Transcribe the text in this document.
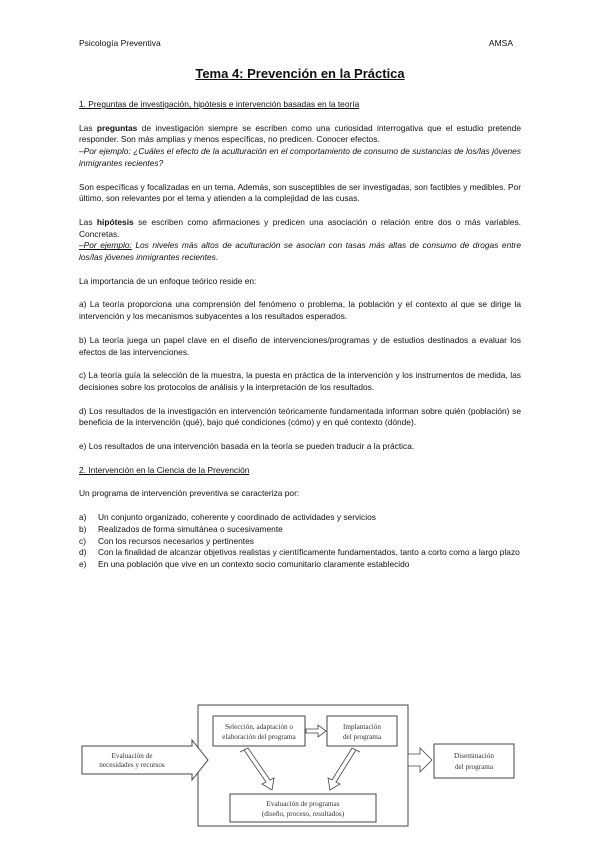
Psicología Preventiva	AMSA
Tema 4: Prevención en la Práctica

1. Preguntas de investigación, hipótesis e intervención basadas en la teoría

Las preguntas de investigación siempre se escriben como una curiosidad interrogativa que el estudio pretende responder. Son más amplias y menos específicas, no predicen. Conocer efectos.
–Por ejemplo: ¿Cuáles el efecto de la aculturación en el comportamiento de consumo de sustancias de los/las jóvenes inmigrantes recientes?

Son específicas y focalizadas en un tema. Además, son susceptibles de ser investigadas, son factibles y medibles. Por último, son relevantes por el tema y atienden a la complejidad de las cusas.

Las hipótesis se escriben como afirmaciones y predicen una asociación o relación entre dos o más variables. Concretas.
–Por ejemplo: Los niveles más altos de aculturación se asocian con tasas más altas de consumo de drogas entre los/las jóvenes inmigrantes recientes.

La importancia de un enfoque teórico reside en:

a) La teoría proporciona una comprensión del fenómeno o problema, la población y el contexto al que se dirige la intervención y los mecanismos subyacentes a los resultados esperados.

b) La teoría juega un papel clave en el diseño de intervenciones/programas y de estudios destinados a evaluar los efectos de las intervenciones.

c) La teoría guía la selección de la muestra, la puesta en práctica de la intervención y los instrumentos de medida, las decisiones sobre los protocolos de análisis y la interpretación de los resultados.

d) Los resultados de la investigación en intervención teóricamente fundamentada informan sobre quién (población) se beneficia de la intervención (qué), bajo qué condiciones (cómo) y en qué contexto (dónde).

e) Los resultados de una intervención basada en la teoría se pueden traducir a la práctica.

2. Intervención en la Ciencia de la Prevención

Un programa de intervención preventiva se caracteriza por:

a) Un conjunto organizado, coherente y coordinado de actividades y servicios
b) Realizados de forma simultánea o sucesivamente
c) Con los recursos necesarios y pertinentes
d) Con la finalidad de alcanzar objetivos realistas y científicamente fundamentados, tanto a corto como a largo plazo
e) En una población que vive en un contexto socio comunitario claramente establecido
Evaluación de
necesidades y recursos
Selección, adaptación o
elaboración del programa
Implantación
del programa
Diseminación
del programa
Evaluación de programas
(diseño, proceso, resultados)
